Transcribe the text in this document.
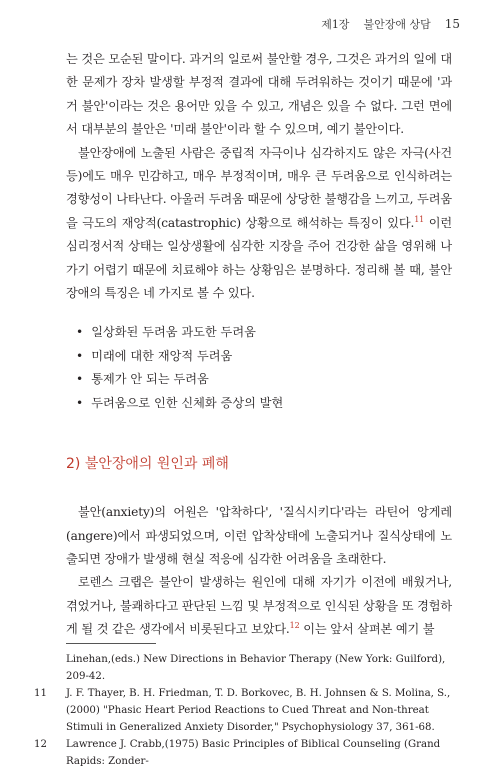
제1장 불안장애 상담 15

는 것은 모순된 말이다. 과거의 일로써 불안할 경우, 그것은 과거의 일에 대한 문제가 장차 발생할 부정적 결과에 대해 두려워하는 것이기 때문에 '과거 불안'이라는 것은 용어만 있을 수 있고, 개념은 있을 수 없다. 그런 면에서 대부분의 불안은 '미래 불안'이라 할 수 있으며, 예기 불안이다.

불안장애에 노출된 사람은 중립적 자극이나 심각하지도 않은 자극(사건 등)에도 매우 민감하고, 매우 부정적이며, 매우 큰 두려움으로 인식하려는 경향성이 나타난다. 아울러 두려움 때문에 상당한 불행감을 느끼고, 두려움을 극도의 재앙적(catastrophic) 상황으로 해석하는 특징이 있다.$^{11}$ 이런 심리정서적 상태는 일상생활에 심각한 지장을 주어 건강한 삶을 영위해 나가기 어렵기 때문에 치료해야 하는 상황임은 분명하다. 정리해 볼 때, 불안장애의 특징은 네 가지로 볼 수 있다.

• 일상화된 두려움 과도한 두려움
• 미래에 대한 재앙적 두려움
• 통제가 안 되는 두려움
• 두려움으로 인한 신체화 증상의 발현
2) 불안장애의 원인과 폐해

불안(anxiety)의 어원은 '압착하다', '질식시키다'라는 라틴어 앙게레(angere)에서 파생되었으며, 이런 압착상태에 노출되거나 질식상태에 노출되면 장애가 발생해 현실 적응에 심각한 어려움을 초래한다.

로렌스 크랩은 불안이 발생하는 원인에 대해 자기가 이전에 배웠거나, 겪었거나, 불쾌하다고 판단된 느낌 및 부정적으로 인식된 상황을 또 경험하게 될 것 같은 생각에서 비롯된다고 보았다.$^{12}$ 이는 앞서 살펴본 예기 불

Linehan,(eds.) New Directions in Behavior Therapy (New York: Guilford), 209-42.
11	J. F. Thayer, B. H. Friedman, T. D. Borkovec, B. H. Johnsen & S. Molina, S.,(2000) "Phasic Heart Period Reactions to Cued Threat and Non-threat Stimuli in Generalized Anxiety Disorder," Psychophysiology 37, 361-68.
12	Lawrence J. Crabb,(1975) Basic Principles of Biblical Counseling (Grand Rapids: Zonder-
